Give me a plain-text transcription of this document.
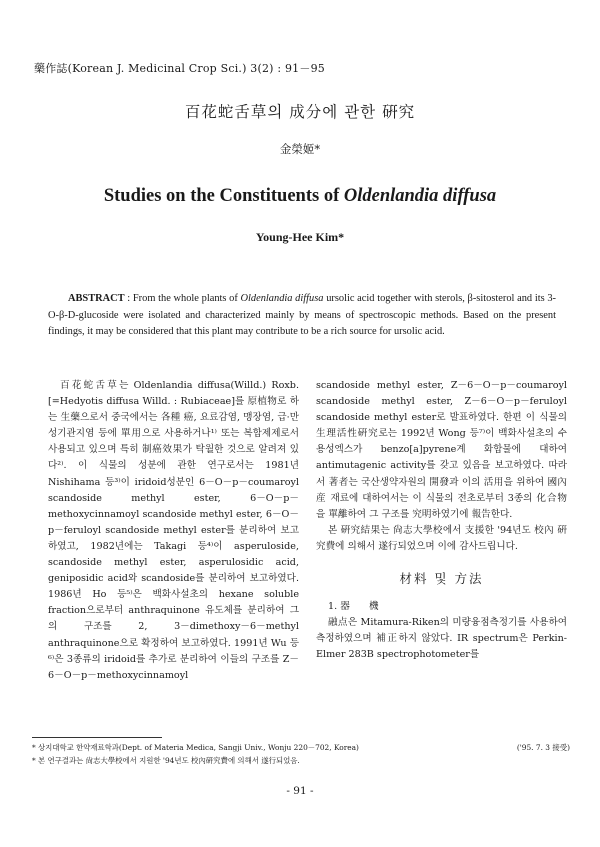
藥作誌(Korean J. Medicinal Crop Sci.) 3(2) : 91－95
百花蛇舌草의 成分에 관한 硏究
金榮姬*
Studies on the Constituents of Oldenlandia diffusa
Young-Hee Kim*
ABSTRACT : From the whole plants of Oldenlandia diffusa ursolic acid together with sterols, β-sitosterol and its 3-O-β-D-glucoside were isolated and characterized mainly by means of spectroscopic methods. Based on the present findings, it may be considered that this plant may contribute to be a rich source for ursolic acid.

百花蛇舌草는 Oldenlandia diffusa(Willd.) Roxb. [=Hedyotis diffusa Willd. : Rubiaceae]를 原植物로 하는 生藥으로서 중국에서는 各種 癌, 요료감염, 맹장염, 급·만성기관지염 등에 單用으로 사용하거나¹⁾ 또는 복합제제로서 사용되고 있으며 특히 制癌效果가 탁월한 것으로 알려져 있다²⁾. 이 식물의 성분에 관한 연구로서는 1981년 Nishihama 등³⁾이 iridoid성분인 6－O－p－coumaroyl scandoside methyl ester, 6－O－p－methoxycinnamoyl scandoside methyl ester, 6－O－p－feruloyl scandoside methyl ester를 분리하여 보고하였고, 1982년에는 Takagi 등⁴⁾이 asperuloside, scandoside methyl ester, asperulosidic acid, geniposidic acid와 scandoside를 분리하여 보고하였다. 1986년 Ho 등⁵⁾은 백화사설초의 hexane soluble fraction으로부터 anthraquinone 유도체를 분리하여 그의 구조를 2, 3－dimethoxy－6－methyl anthraquinone으로 확정하여 보고하였다. 1991년 Wu 등⁶⁾은 3종류의 iridoid를 추가로 분리하여 이들의 구조를 Z－6－O－p－methoxycinnamoyl

scandoside methyl ester, Z－6－O－p－coumaroyl scandoside methyl ester, Z－6－O－p－feruloyl scandoside methyl ester로 발표하였다. 한편 이 식물의 生理活性硏究로는 1992년 Wong 등⁷⁾이 백화사설초의 수용성엑스가 benzo[a]pyrene계 화합물에 대하여 antimutagenic activity를 갖고 있음을 보고하였다. 따라서 著者는 국산생약자원의 開發과 이의 活用을 위하여 國內産 재료에 대하여서는 이 식물의 전초로부터 3종의 化合物을 單離하여 그 구조를 究明하였기에 報告한다.

본 硏究結果는 尙志大學校에서 支援한 '94년도 校內 硏究費에 의해서 遂行되었으며 이에 감사드립니다.

材料 및 方法

1. 器　　機

融点은 Mitamura-Riken의 미량융점측정기를 사용하여 측정하였으며 補正하지 않았다. IR spectrum은 Perkin-Elmer 283B spectrophotometer를

* 상지대학교 한약재료학과(Dept. of Materia Medica, Sangji Univ., Wonju 220－702, Korea)	('95. 7. 3 接受)
* 본 연구결과는 尙志大學校에서 지원한 '94년도 校內硏究費에 의해서 遂行되었음.
- 91 -
